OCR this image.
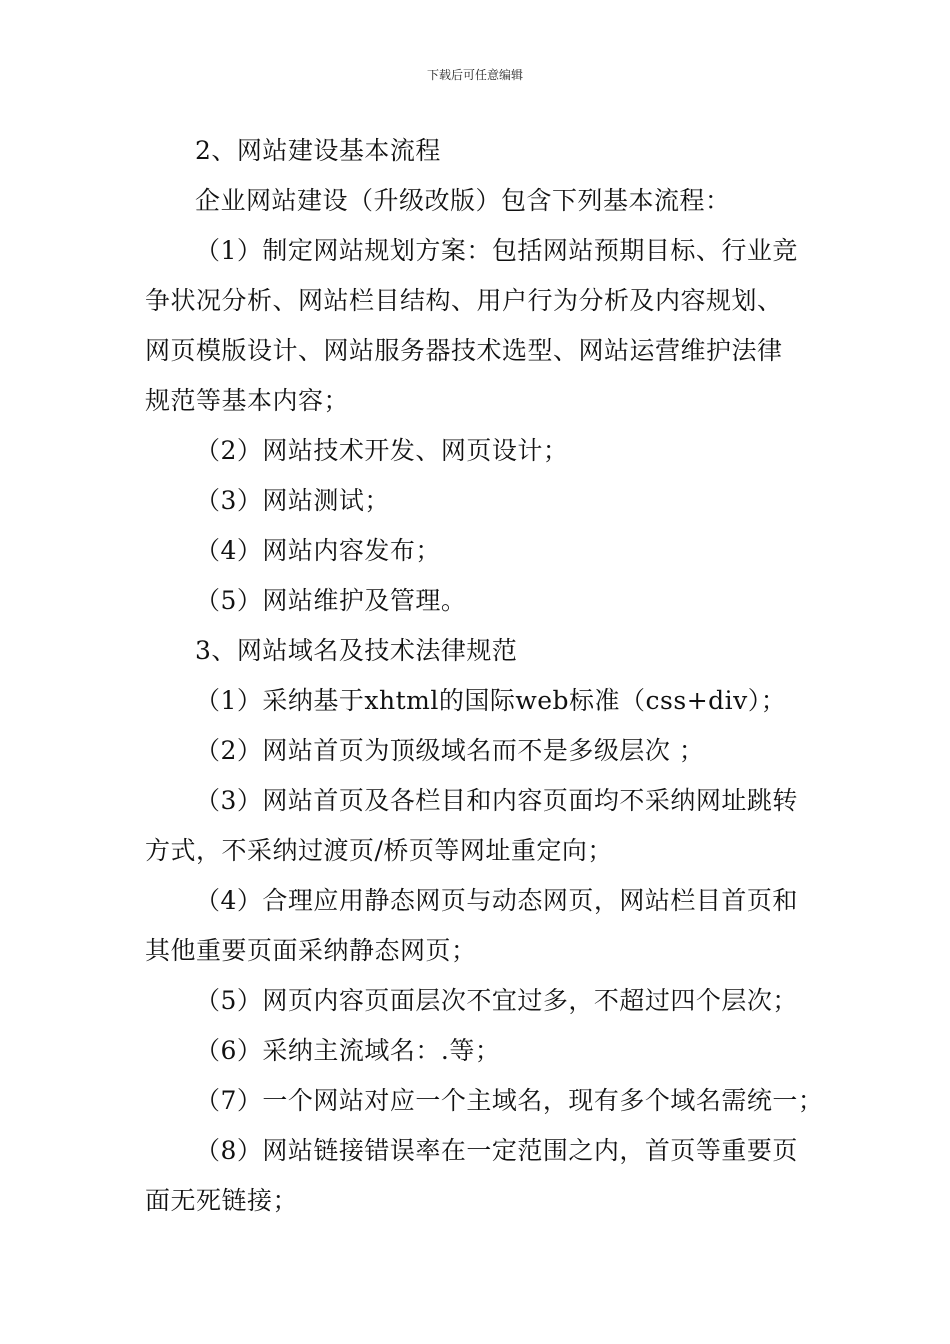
下载后可任意编辑
2、网站建设基本流程
企业网站建设（升级改版）包含下列基本流程：
（1）制定网站规划方案：包括网站预期目标、行业竞
争状况分析、网站栏目结构、用户行为分析及内容规划、
网页模版设计、网站服务器技术选型、网站运营维护法律
规范等基本内容；
（2）网站技术开发、网页设计；
（3）网站测试；
（4）网站内容发布；
（5）网站维护及管理。
3、网站域名及技术法律规范
（1）采纳基于xhtml的国际web标准（css+div）；
（2）网站首页为顶级域名而不是多级层次 ；
（3）网站首页及各栏目和内容页面均不采纳网址跳转
方式，不采纳过渡页/桥页等网址重定向；
（4）合理应用静态网页与动态网页，网站栏目首页和
其他重要页面采纳静态网页；
（5）网页内容页面层次不宜过多，不超过四个层次；
（6）采纳主流域名：.等；
（7）一个网站对应一个主域名，现有多个域名需统一；
（8）网站链接错误率在一定范围之内，首页等重要页
面无死链接；
